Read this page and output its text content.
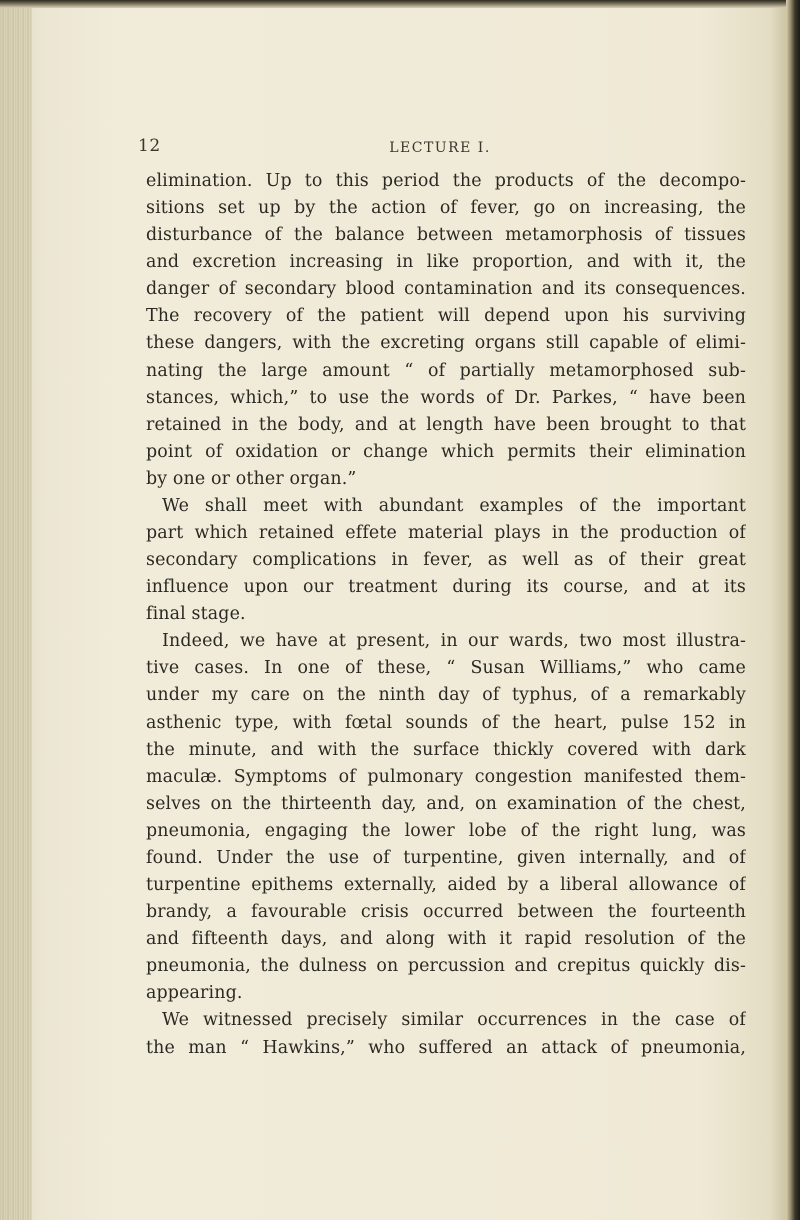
12	LECTURE I.
elimination. Up to this period the products of the decompo-
sitions set up by the action of fever, go on increasing, the
disturbance of the balance between metamorphosis of tissues
and excretion increasing in like proportion, and with it, the
danger of secondary blood contamination and its consequences.
The recovery of the patient will depend upon his surviving
these dangers, with the excreting organs still capable of elimi-
nating the large amount “ of partially metamorphosed sub-
stances, which,” to use the words of Dr. Parkes, “ have been
retained in the body, and at length have been brought to that
point of oxidation or change which permits their elimination
by one or other organ.”
We shall meet with abundant examples of the important
part which retained effete material plays in the production of
secondary complications in fever, as well as of their great
influence upon our treatment during its course, and at its
final stage.
Indeed, we have at present, in our wards, two most illustra-
tive cases. In one of these, “ Susan Williams,” who came
under my care on the ninth day of typhus, of a remarkably
asthenic type, with fœtal sounds of the heart, pulse 152 in
the minute, and with the surface thickly covered with dark
maculæ. Symptoms of pulmonary congestion manifested them-
selves on the thirteenth day, and, on examination of the chest,
pneumonia, engaging the lower lobe of the right lung, was
found. Under the use of turpentine, given internally, and of
turpentine epithems externally, aided by a liberal allowance of
brandy, a favourable crisis occurred between the fourteenth
and fifteenth days, and along with it rapid resolution of the
pneumonia, the dulness on percussion and crepitus quickly dis-
appearing.
We witnessed precisely similar occurrences in the case of
the man “ Hawkins,” who suffered an attack of pneumonia,
